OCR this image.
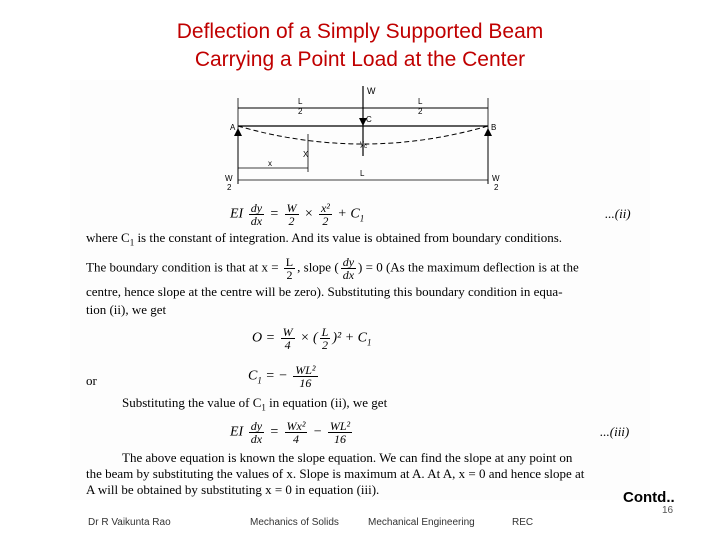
Deflection of a Simply Supported Beam
Carrying a Point Load at the Center
W
L
2
L
2
A	B
C
X
x
$y_c$
L
W
2
W
2
EI $\frac{dy}{dx} = \frac{W}{2} \times \frac{\text{x²}}{2} + C_1$	...(ii)
where $C_1$ is the constant of integration. And its value is obtained from boundary conditions.
The boundary condition is that at $x = \frac{L}{2}$ , slope ( $\frac{dy}{dx}$ ) = 0 (As the maximum deflection is at the
centre, hence slope at the centre will be zero). Substituting this boundary condition in equa-
tion (ii), we get
$O = \frac{W}{4}$ × ( $\frac{L}{2} )^2 + C_1$
or	$C_1$ = − $\frac{\text{WL²}}{16}$
Substituting the value of $C_1$ in equation (ii), we get
EI $\frac{dy}{dx} = \frac{\text{Wx²}}{4} - \frac{\text{WL²}}{16}$	...(iii)
The above equation is known the slope equation. We can find the slope at any point on
the beam by substituting the values of x. Slope is maximum at A. At A, x = 0 and hence slope at
A will be obtained by substituting x = 0 in equation (iii).	Contd..
16
Dr R Vaikunta Rao	Mechanics of Solids	Mechanical Engineering	REC
